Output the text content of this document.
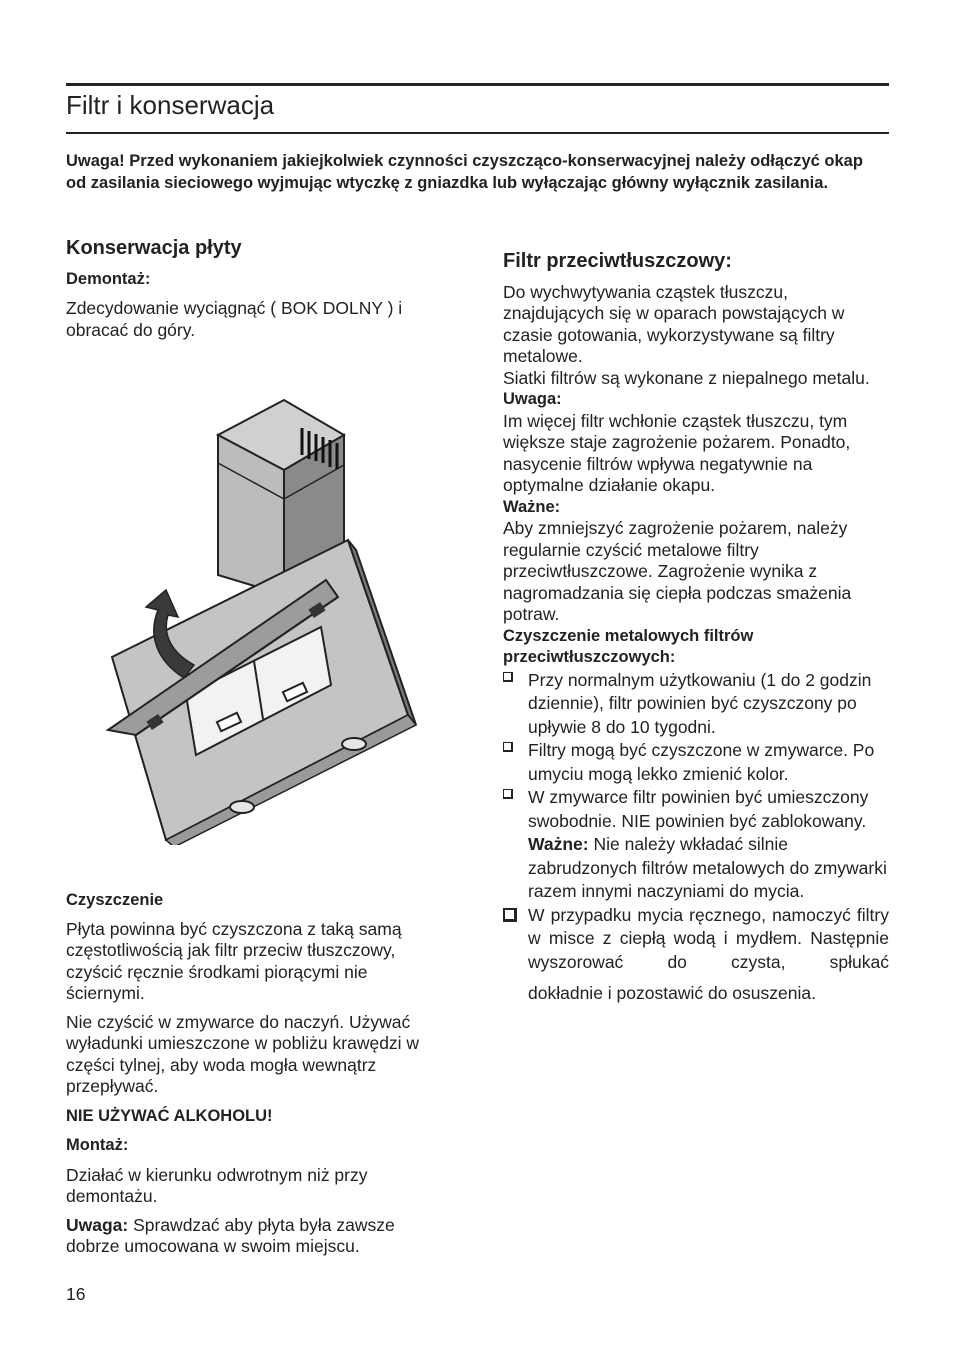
Filtr i konserwacja
Uwaga! Przed wykonaniem jakiejkolwiek czynności czyszcząco-konserwacyjnej należy odłączyć okap od zasilania sieciowego wyjmując wtyczkę z gniazdka lub wyłączając główny wyłącznik zasilania.
Konserwacja płyty
Demontaż:

Zdecydowanie wyciągnąć ( BOK DOLNY ) i obracać do góry.

Czyszczenie

Płyta powinna być czyszczona z taką samą częstotliwością jak filtr przeciw tłuszczowy, czyścić ręcznie środkami piorącymi nie ściernymi.

Nie czyścić w zmywarce do naczyń. Używać wyładunki umieszczone w pobliżu krawędzi w części tylnej, aby woda mogła wewnątrz przepływać.

NIE UŻYWAĆ ALKOHOLU!
Montaż:

Działać w kierunku odwrotnym niż przy demontażu.

Uwaga: Sprawdzać aby płyta była zawsze dobrze umocowana w swoim miejscu.

Filtr przeciwtłuszczowy:

Do wychwytywania cząstek tłuszczu, znajdujących się w oparach powstających w czasie gotowania, wykorzystywane są filtry metalowe.

Siatki filtrów są wykonane z niepalnego metalu.

Uwaga:

Im więcej filtr wchłonie cząstek tłuszczu, tym większe staje zagrożenie pożarem. Ponadto, nasycenie filtrów wpływa negatywnie na optymalne działanie okapu.

Ważne:

Aby zmniejszyć zagrożenie pożarem, należy regularnie czyścić metalowe filtry przeciwtłuszczowe. Zagrożenie wynika z nagromadzania się ciepła podczas smażenia potraw.

Czyszczenie metalowych filtrów przeciwtłuszczowych:
Przy normalnym użytkowaniu (1 do 2 godzin dziennie), filtr powinien być czyszczony po upływie 8 do 10 tygodni.
Filtry mogą być czyszczone w zmywarce. Po umyciu mogą lekko zmienić kolor.
W zmywarce filtr powinien być umieszczony swobodnie. NIE powinien być zablokowany.
Ważne: Nie należy wkładać silnie zabrudzonych filtrów metalowych do zmywarki razem innymi naczyniami do mycia.
W przypadku mycia ręcznego, namoczyć filtry w misce z ciepłą wodą i mydłem. Następnie wyszorować do czysta, spłukać
dokładnie i pozostawić do osuszenia.
16
